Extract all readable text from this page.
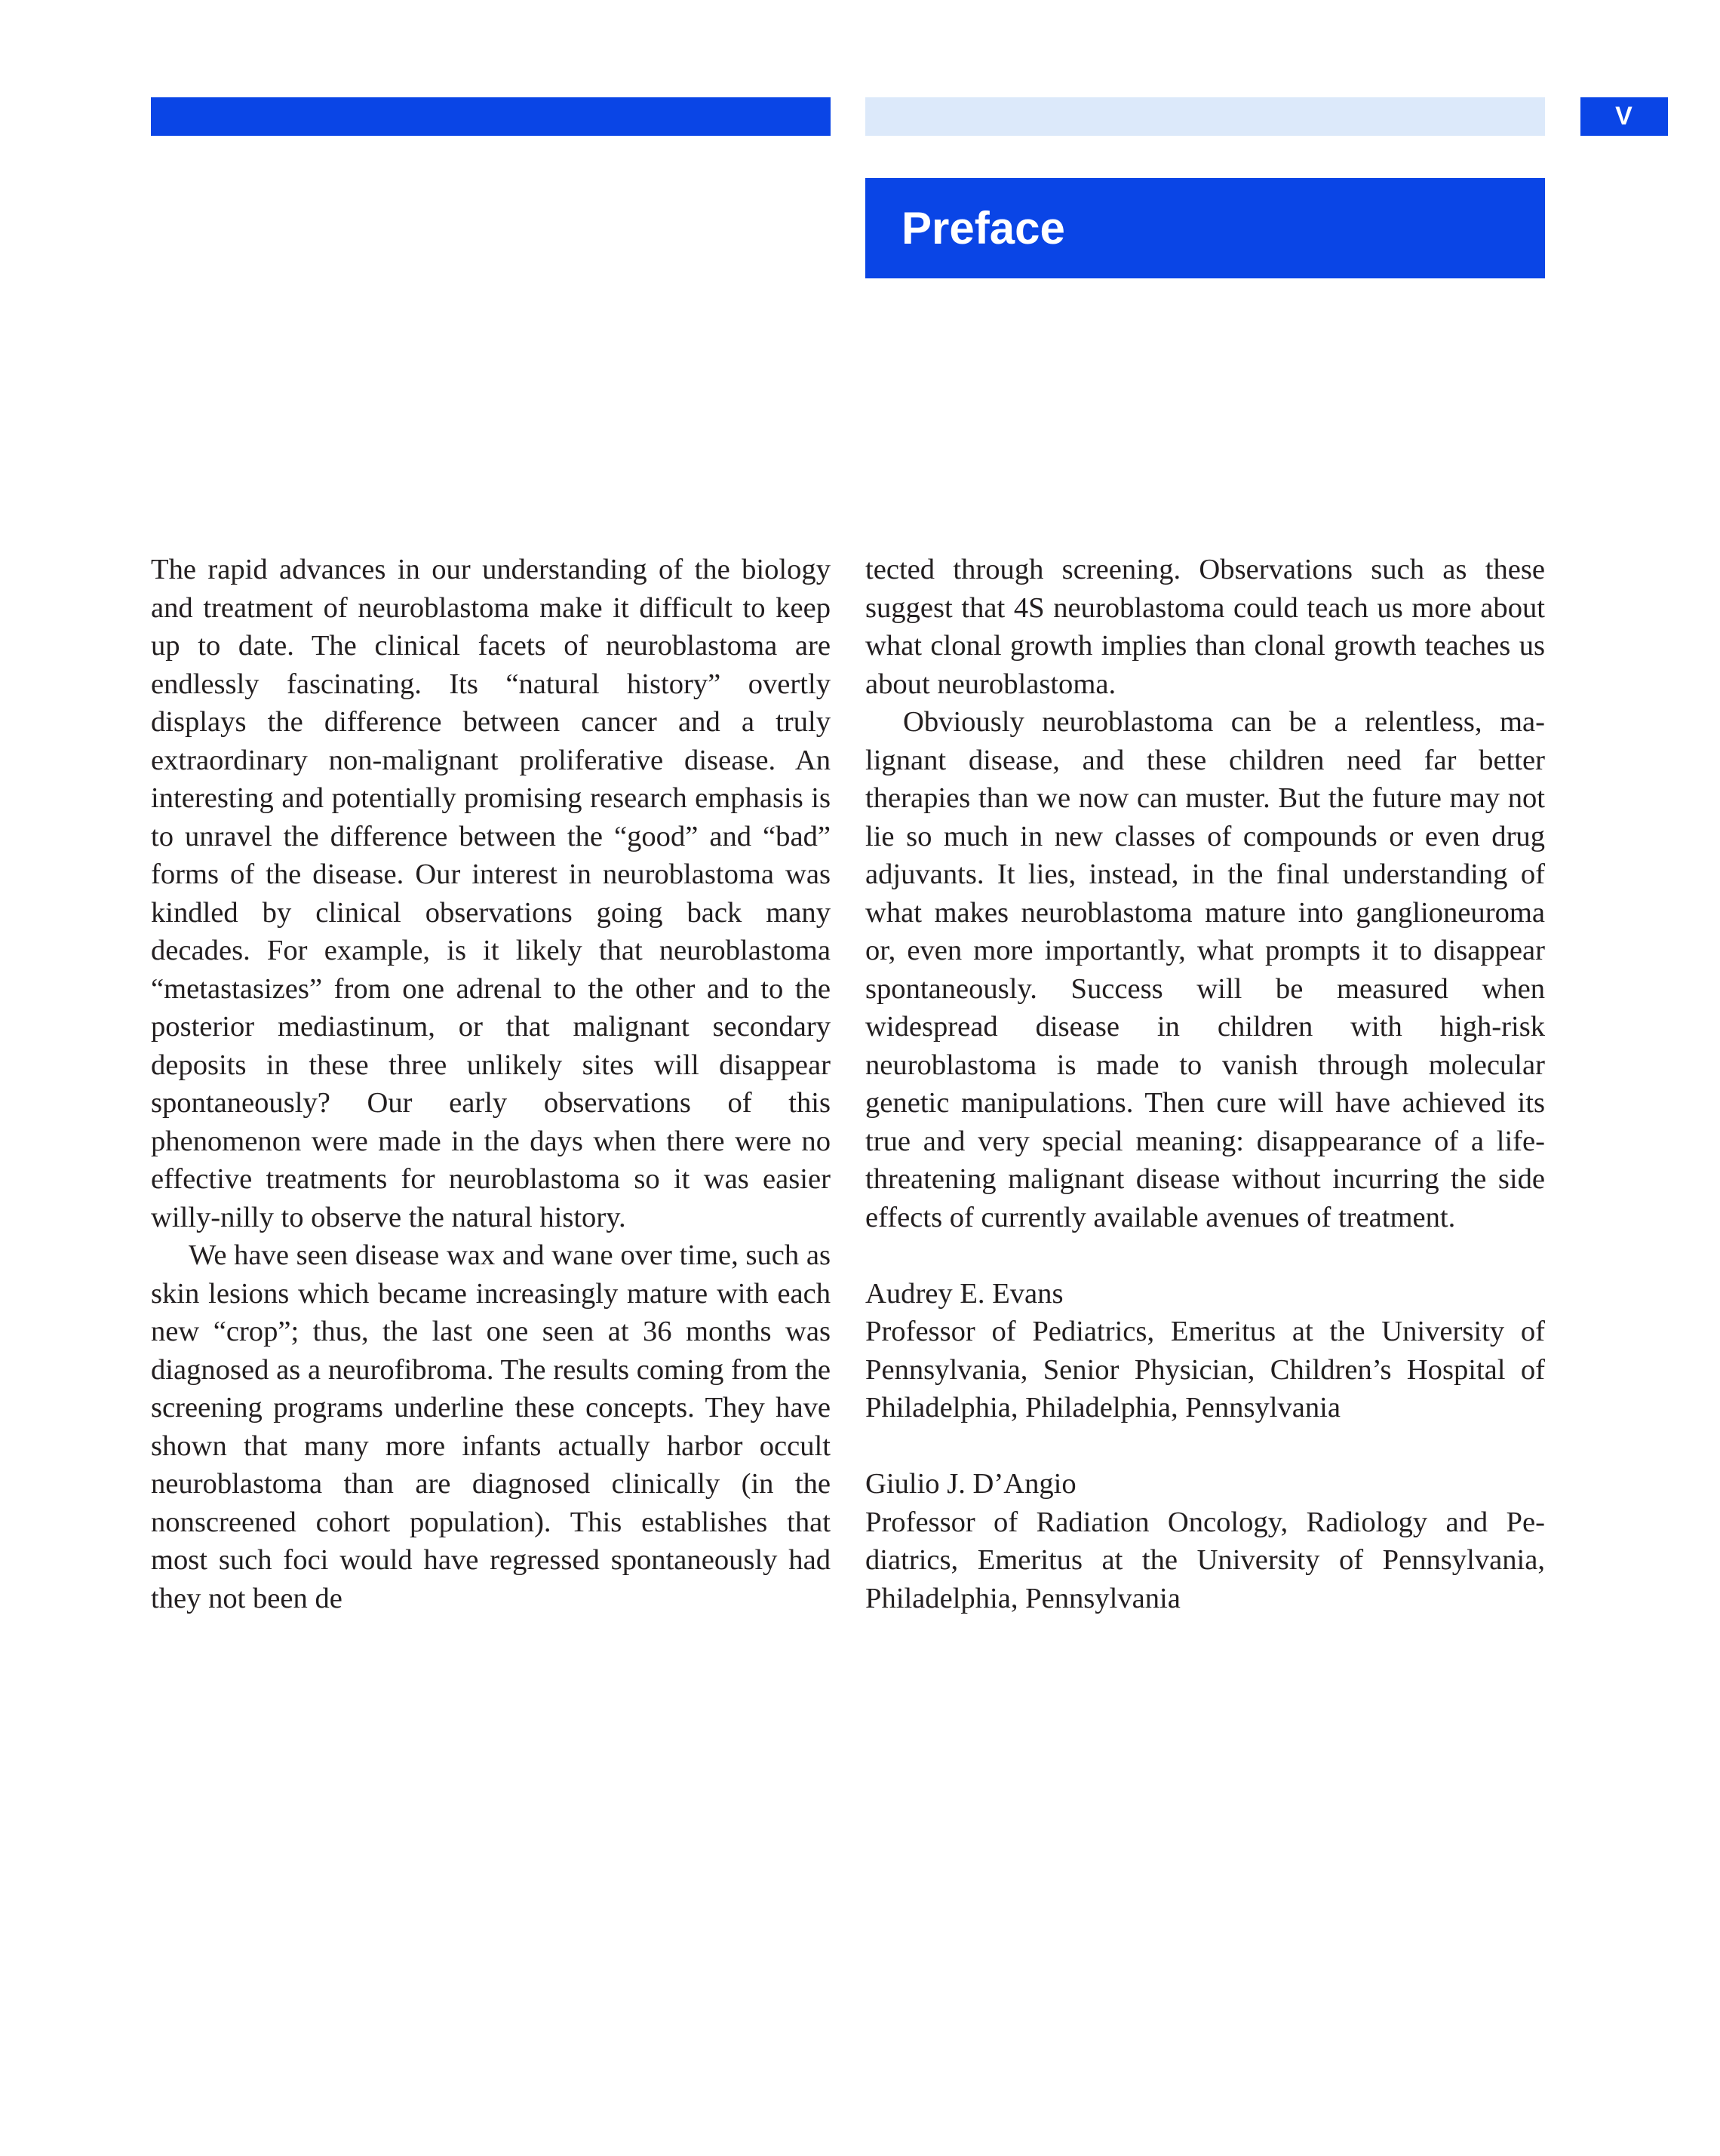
V
Preface

The rapid advances in our understanding of the biology and treatment of neuroblastoma make it difficult to keep up to date. The clinical facets of neuroblastoma are endlessly fascinating. Its “natural history” overtly displays the difference between cancer and a truly extraordinary non-malignant proliferative disease. An interesting and potentially promising research emphasis is to unravel the difference between the “good” and “bad” forms of the disease. Our interest in neuroblastoma was kindled by clinical observations going back many decades. For example, is it likely that neuroblastoma “metastasizes” from one adrenal to the other and to the posterior mediastinum, or that malignant secondary deposits in these three unlikely sites will disappear spontaneously? Our early observations of this phenomenon were made in the days when there were no effective treatments for neuroblastoma so it was easier willy-nilly to observe the natural history.

We have seen disease wax and wane over time, such as skin lesions which became increasingly mature with each new “crop”; thus, the last one seen at 36 months was diagnosed as a neurofibroma. The results coming from the screening programs underline these concepts. They have shown that many more infants actually harbor occult neuroblastoma than are diagnosed clinically (in the nonscreened cohort population). This establishes that most such foci would have regressed spontaneously had they not been de

tected through screening. Observations such as these suggest that 4S neuroblastoma could teach us more about what clonal growth implies than clonal growth teaches us about neuroblastoma.

Obviously neuroblastoma can be a relentless, malignant disease, and these children need far better therapies than we now can muster. But the future may not lie so much in new classes of compounds or even drug adjuvants. It lies, instead, in the final understanding of what makes neuroblastoma mature into ganglioneuroma or, even more importantly, what prompts it to disappear spontaneously. Success will be measured when widespread disease in children with high-risk neuroblastoma is made to vanish through molecular genetic manipulations. Then cure will have achieved its true and very special meaning: disappearance of a life-threatening malignant disease without incurring the side effects of currently available avenues of treatment.

Audrey E. Evans

Professor of Pediatrics, Emeritus at the University of Pennsylvania, Senior Physician, Children’s Hospital of Philadelphia, Philadelphia, Pennsylvania

Giulio J. D’Angio

Professor of Radiation Oncology, Radiology and Pediatrics, Emeritus at the University of Pennsylvania, Philadelphia, Pennsylvania
